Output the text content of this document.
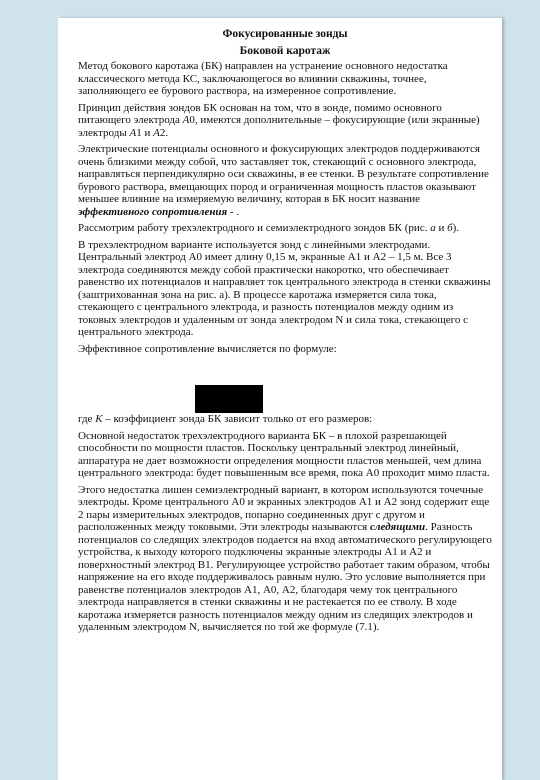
Фокусированные зонды
Боковой каротаж

Метод бокового каротажа (БК) направлен на устранение основного недостатка классического метода КС, заключающегося во влиянии скважины, точнее, заполняющего ее бурового раствора, на измеренное сопротивление.

Принцип действия зондов БК основан на том, что в зонде, помимо основного питающего электрода А0, имеются дополнительные – фокусирующие (или экранные) электроды А1 и А2.

Электрические потенциалы основного и фокусирующих электродов поддерживаются очень близкими между собой, что заставляет ток, стекающий с основного электрода, направляться перпендикулярно оси скважины, в ее стенки. В результате сопротивление бурового раствора, вмещающих пород и ограниченная мощность пластов оказывают меньшее влияние на измеряемую величину, которая в БК носит название эффективного сопротивления - .

Рассмотрим работу трехэлектродного и семиэлектродного зондов БК (рис. а и б).

В трехэлектродном варианте используется зонд с линейными электродами. Центральный электрод А0 имеет длину 0,15 м, экранные А1 и А2 – 1,5 м. Все 3 электрода соединяются между собой практически накоротко, что обеспечивает равенство их потенциалов и направляет ток центрального электрода в стенки скважины (заштрихованная зона на рис. а). В процессе каротажа измеряется сила тока, стекающего с центрального электрода, и разность потенциалов между одним из токовых электродов и удаленным от зонда электродом N и сила тока, стекающего с центрального электрода.

Эффективное сопротивление вычисляется по формуле:

где К – коэффициент зонда БК зависит только от его размеров:

Основной недостаток трехэлектродного варианта БК – в плохой разрешающей способности по мощности пластов. Поскольку центральный электрод линейный, аппаратура не дает возможности определения мощности пластов меньшей, чем длина центрального электрода: будет повышенным все время, пока А0 проходит мимо пласта.

Этого недостатка лишен семиэлектродный вариант, в котором используются точечные электроды. Кроме центрального А0 и экранных электродов А1 и А2 зонд содержит еще 2 пары измерительных электродов, попарно соединенных друг с другом и расположенных между токовыми. Эти электроды называются следящими. Разность потенциалов со следящих электродов подается на вход автоматического регулирующего устройства, к выходу которого подключены экранные электроды А1 и А2 и поверхностный электрод В1. Регулирующее устройство работает таким образом, чтобы напряжение на его входе поддерживалось равным нулю. Это условие выполняется при равенстве потенциалов электродов А1, А0, А2, благодаря чему ток центрального электрода направляется в стенки скважины и не растекается по ее стволу. В ходе каротажа измеряется разность потенциалов между одним из следящих электродов и удаленным электродом N, вычисляется по той же формуле (7.1).
